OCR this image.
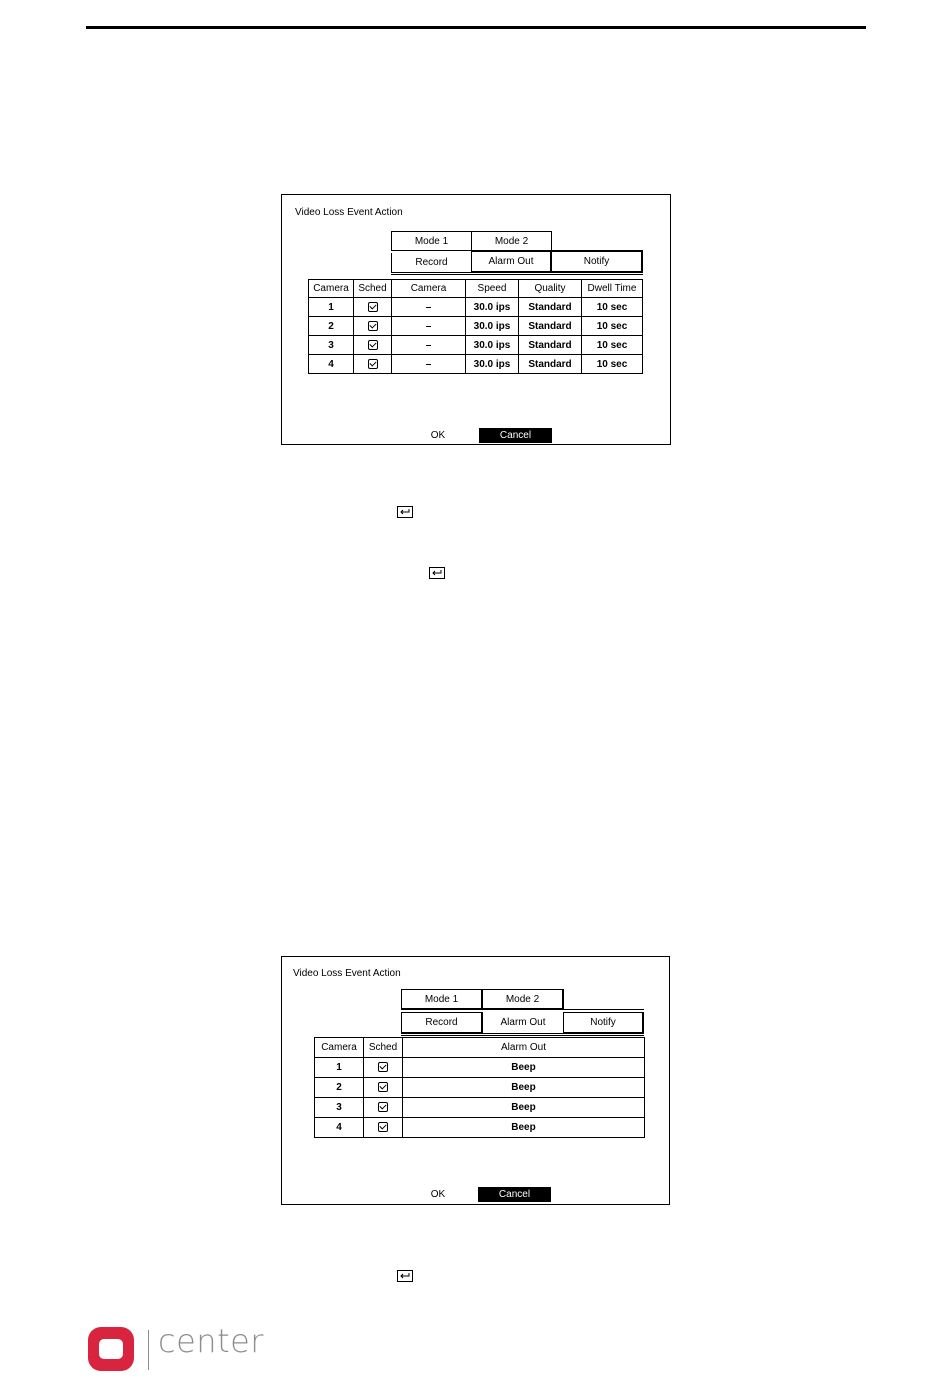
Video Loss Event Action
Mode 1	Mode 2
Record	Alarm Out	Notify
Camera	Sched	Camera	Speed	Quality	Dwell Time
1		–	30.0 ips	Standard	10 sec
2		–	30.0 ips	Standard	10 sec
3		–	30.0 ips	Standard	10 sec
4		–	30.0 ips	Standard	10 sec
OK	Cancel
Video Loss Event Action
Mode 1	Mode 2
Record	Alarm Out	Notify
Camera	Sched	Alarm Out
1		Beep
2		Beep
3		Beep
4		Beep
OK	Cancel
center
